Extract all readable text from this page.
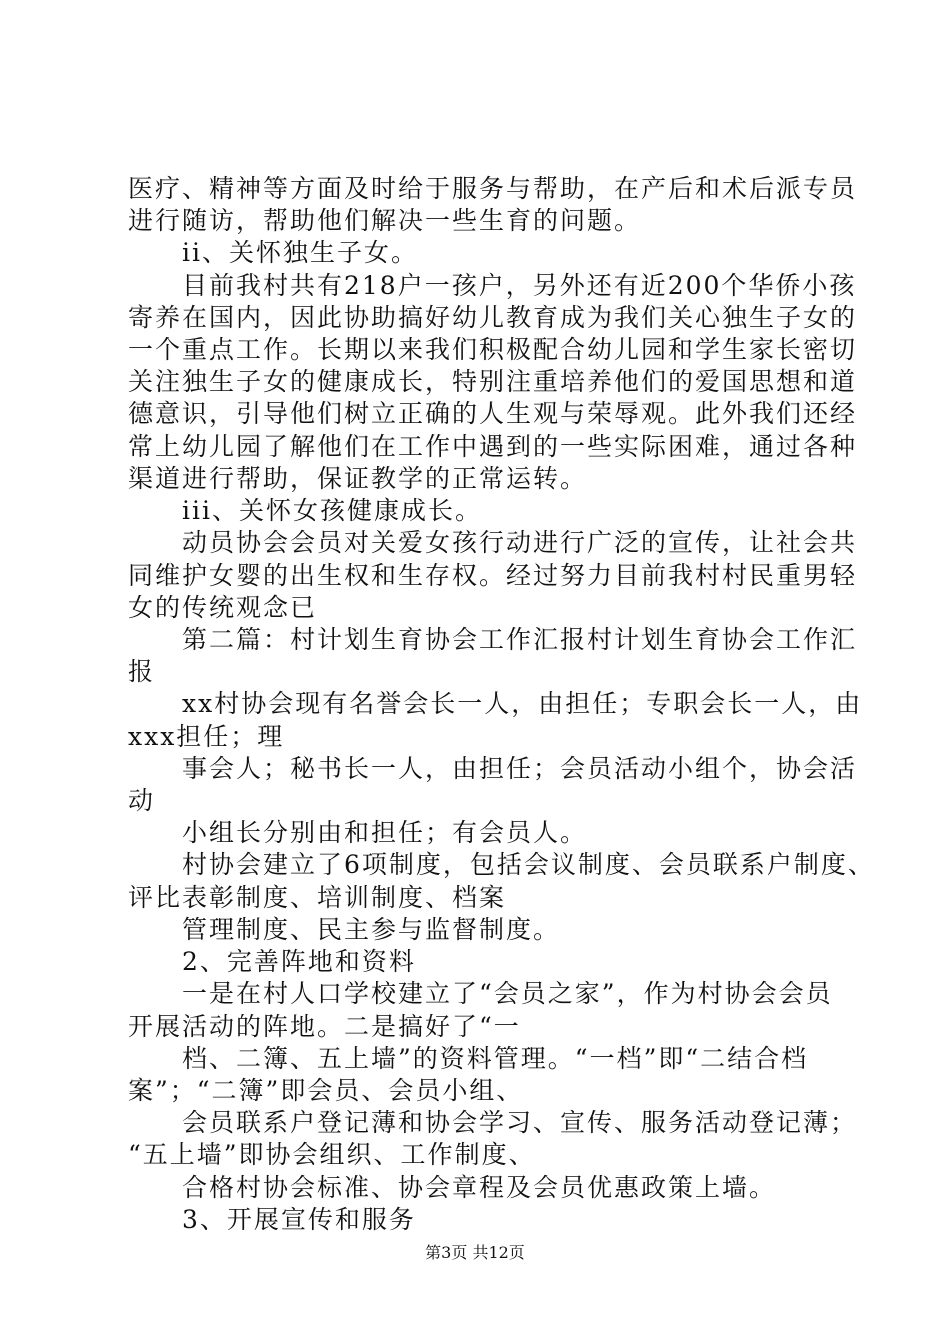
医疗、精神等方面及时给于服务与帮助，在产后和术后派专员
进行随访，帮助他们解决一些生育的问题。
　　ii、关怀独生子女。
　　目前我村共有218户一孩户，另外还有近200个华侨小孩
寄养在国内，因此协助搞好幼儿教育成为我们关心独生子女的
一个重点工作。长期以来我们积极配合幼儿园和学生家长密切
关注独生子女的健康成长，特别注重培养他们的爱国思想和道
德意识，引导他们树立正确的人生观与荣辱观。此外我们还经
常上幼儿园了解他们在工作中遇到的一些实际困难，通过各种
渠道进行帮助，保证教学的正常运转。
　　iii、关怀女孩健康成长。
　　动员协会会员对关爱女孩行动进行广泛的宣传，让社会共
同维护女婴的出生权和生存权。经过努力目前我村村民重男轻
女的传统观念已
　　第二篇：村计划生育协会工作汇报村计划生育协会工作汇
报
　　xx村协会现有名誉会长一人，由担任；专职会长一人，由
xxx担任；理
　　事会人；秘书长一人，由担任；会员活动小组个，协会活
动
　　小组长分别由和担任；有会员人。
　　村协会建立了6项制度，包括会议制度、会员联系户制度、
评比表彰制度、培训制度、档案
　　管理制度、民主参与监督制度。
　　2、完善阵地和资料
　　一是在村人口学校建立了“会员之家”，作为村协会会员
开展活动的阵地。二是搞好了“一
　　档、二簿、五上墙”的资料管理。“一档”即“二结合档
案”；“二簿”即会员、会员小组、
　　会员联系户登记薄和协会学习、宣传、服务活动登记薄；
“五上墙”即协会组织、工作制度、
　　合格村协会标准、协会章程及会员优惠政策上墙。
　　3、开展宣传和服务
第3页 共12页
